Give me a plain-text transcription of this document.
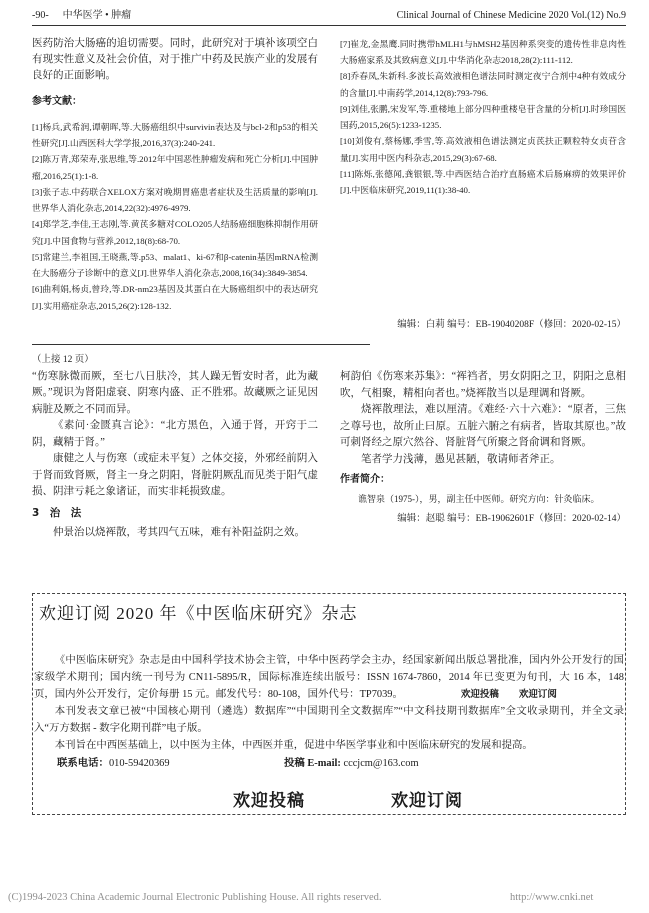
-90- 中华医学 • 肿瘤	Clinical Journal of Chinese Medicine 2020 Vol.(12) No.9

医药防治大肠癌的追切需要。同时，此研究对于填补该项空白有现实性意义及社会价值，对于推广中药及民族产业的发展有良好的正面影响。

参考文献：

[1]杨兵,武希润,谭朝晖,等.大肠癌组织中survivin表达及与bcl-2和p53的相关性研究[J].山西医科大学学报,2016,37(3):240-241.

[2]陈万青,郑荣寿,张思维,等.2012年中国恶性肿瘤发病和死亡分析[J].中国肿瘤,2016,25(1):1-8.

[3]张子志.中药联合XELOX方案对晚期胃癌患者症状及生活质量的影响[J].世界华人消化杂志,2014,22(32):4976-4979.

[4]郑学芝,李佳,王志刚,等.黄芪多糖对COLO205人结肠癌细胞株抑制作用研究[J].中国食物与营养,2012,18(8):68-70.

[5]常建兰,李祖国,王晓燕,等.p53、malat1、ki-67和β-catenin基因mRNA检测在大肠癌分子诊断中的意义[J].世界华人消化杂志,2008,16(34):3849-3854.

[6]曲利娟,杨贞,曾玲,等.DR-nm23基因及其蛋白在大肠癌组织中的表达研究[J].实用癌症杂志,2015,26(2):128-132.

[7]崔龙,金黑鹰.同时携带hMLH1与hMSH2基因种系突变的遗传性非息肉性大肠癌家系及其致病意义[J].中华消化杂志2018,28(2):111-112.

[8]乔春凤,朱新科.多波长高效液相色谱法同时测定夜宁合剂中4种有效成分的含量[J].中南药学,2014,12(8):793-796.

[9]刘佳,张鹏,宋发军,等.重楼地上部分四种重楼皂苷含量的分析[J].时珍国医国药,2015,26(5):1233-1235.

[10]刘俊有,蔡杨娜,季雪,等.高效液相色谱法测定贞芪扶正颗粒特女贞苷含量[J].实用中医内科杂志,2015,29(3):67-68.

[11]陈烁,张德闻,龚银银,等.中西医结合治疗直肠癌术后肠麻痹的效果评价[J].中医临床研究,2019,11(1):38-40.

编辑：白莉 编号：EB-19040208F（修回：2020-02-15）
（上接 12 页）

“伤寒脉微而厥，至七八日肤冷，其人躁无暂安时者，此为藏厥。”现识为肾阳虚衰、阴寒内盛、正不胜邪。故藏厥之证见因病脏及厥之不同而异。

《素问·金匮真言论》：“北方黑色，入通于肾，开窍于二阴，藏精于肾。”

康健之人与伤寒（或症未平复）之体交接，外邪经前阴入于肾而致肾厥，肾主一身之阴阳，肾脏阴厥乱而见类于阳气虚损、阴津亏耗之象诸证，而实非耗损致虚。

3　治　法

仲景治以烧裈散，考其四气五味，难有补阳益阴之效。

柯韵伯《伤寒来苏集》：“裈裆者，男女阴阳之卫，阴阳之息相吹，气相聚，精相向者也。”烧裈散当以是理调和肾厥。

烧裈散理法，难以厘清。《难经·六十六难》：“原者，三焦之尊号也，故所止曰原。五脏六腑之有病者，皆取其原也。”故可刺肾经之原穴然谷、肾脏肾气所聚之肾俞调和肾厥。

笔者学力浅薄，愚见甚陋，敬请师者斧正。

作者简介：
谯智泉（1975-），男，副主任中医师。研究方向：针灸临床。
编辑：赵聪 编号：EB-19062601F（修回：2020-02-14）
欢迎订阅 2020 年《中医临床研究》杂志

《中医临床研究》杂志是由中国科学技术协会主管，中华中医药学会主办，经国家新闻出版总署批准，国内外公开发行的国家级学术期刊；国内统一刊号为 CN11-5895/R，国际标准连续出版号：ISSN 1674-7860，2014 年已变更为旬刊，大 16 本，148 页，国内外公开发行，定价每册 15 元。邮发代号：80-108，国外代号：TP7039。	欢迎投稿 欢迎订阅

本刊发表文章已被“中国核心期刊（遴选）数据库”“中国期刊全文数据库”“中文科技期刊数据库”全文收录期刊，并全文录入“万方数据 - 数字化期刊群”电子版。

本刊旨在中西医基础上，以中医为主体，中西医并重，促进中华医学事业和中医临床研究的发展和提高。

联系电话：010-59420369	投稿 E-mail: cccjcm@163.com
欢迎投稿	欢迎订阅
(C)1994-2023 China Academic Journal Electronic Publishing House. All rights reserved.	http://www.cnki.net
